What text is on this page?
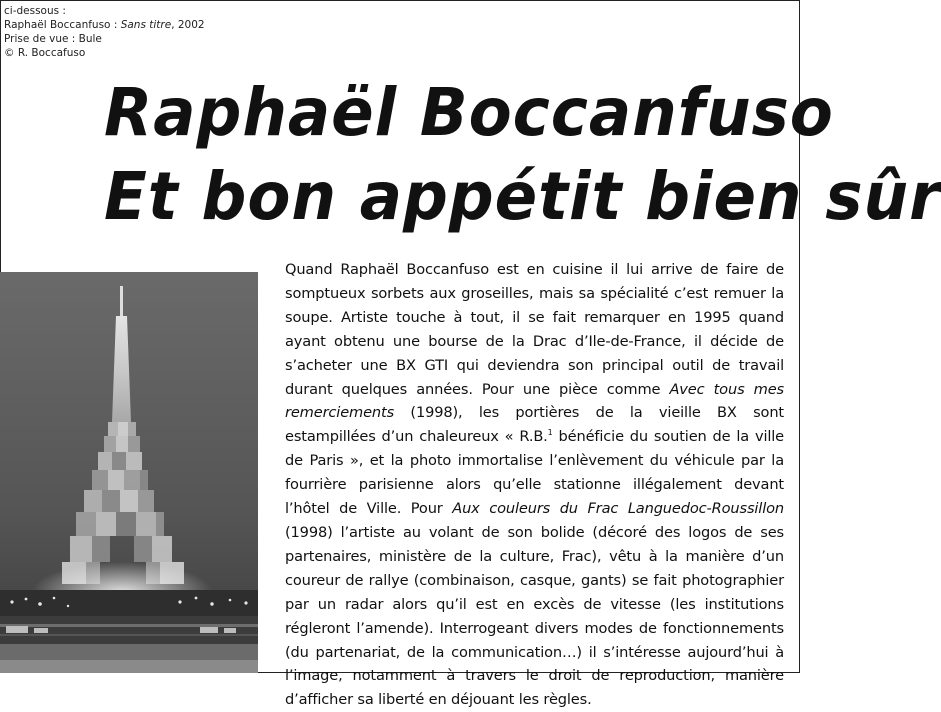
ci-dessous :
Raphaël Boccanfuso : Sans titre, 2002
Prise de vue : Bule
© R. Boccafuso
Raphaël Boccanfuso
Et bon appétit bien sûr
Quand Raphaël Boccanfuso est en cuisine il lui arrive de faire de somptueux sorbets aux groseilles, mais sa spécialité c’est remuer la soupe. Artiste touche à tout, il se fait remarquer en 1995 quand ayant obtenu une bourse de la Drac d’Ile-de-France, il décide de s’acheter une BX GTI qui deviendra son principal outil de travail durant quelques années. Pour une pièce comme Avec tous mes remerciements (1998), les portières de la vieille BX sont estampillées d’un chaleureux « R.B.$^1$ bénéficie du soutien de la ville de Paris », et la photo immortalise l’enlèvement du véhicule par la fourrière parisienne alors qu’elle stationne illégalement devant l’hôtel de Ville. Pour Aux couleurs du Frac Languedoc-Roussillon (1998) l’artiste au volant de son bolide (décoré des logos de ses partenaires, ministère de la culture, Frac), vêtu à la manière d’un coureur de rallye (combinaison, casque, gants) se fait photographier par un radar alors qu’il est en excès de vitesse (les institutions régleront l’amende). Interrogeant divers modes de fonctionnements (du partenariat, de la communication…) il s’intéresse aujourd’hui à l’image, notamment à travers le droit de reproduction, manière d’afficher sa liberté en déjouant les règles.
